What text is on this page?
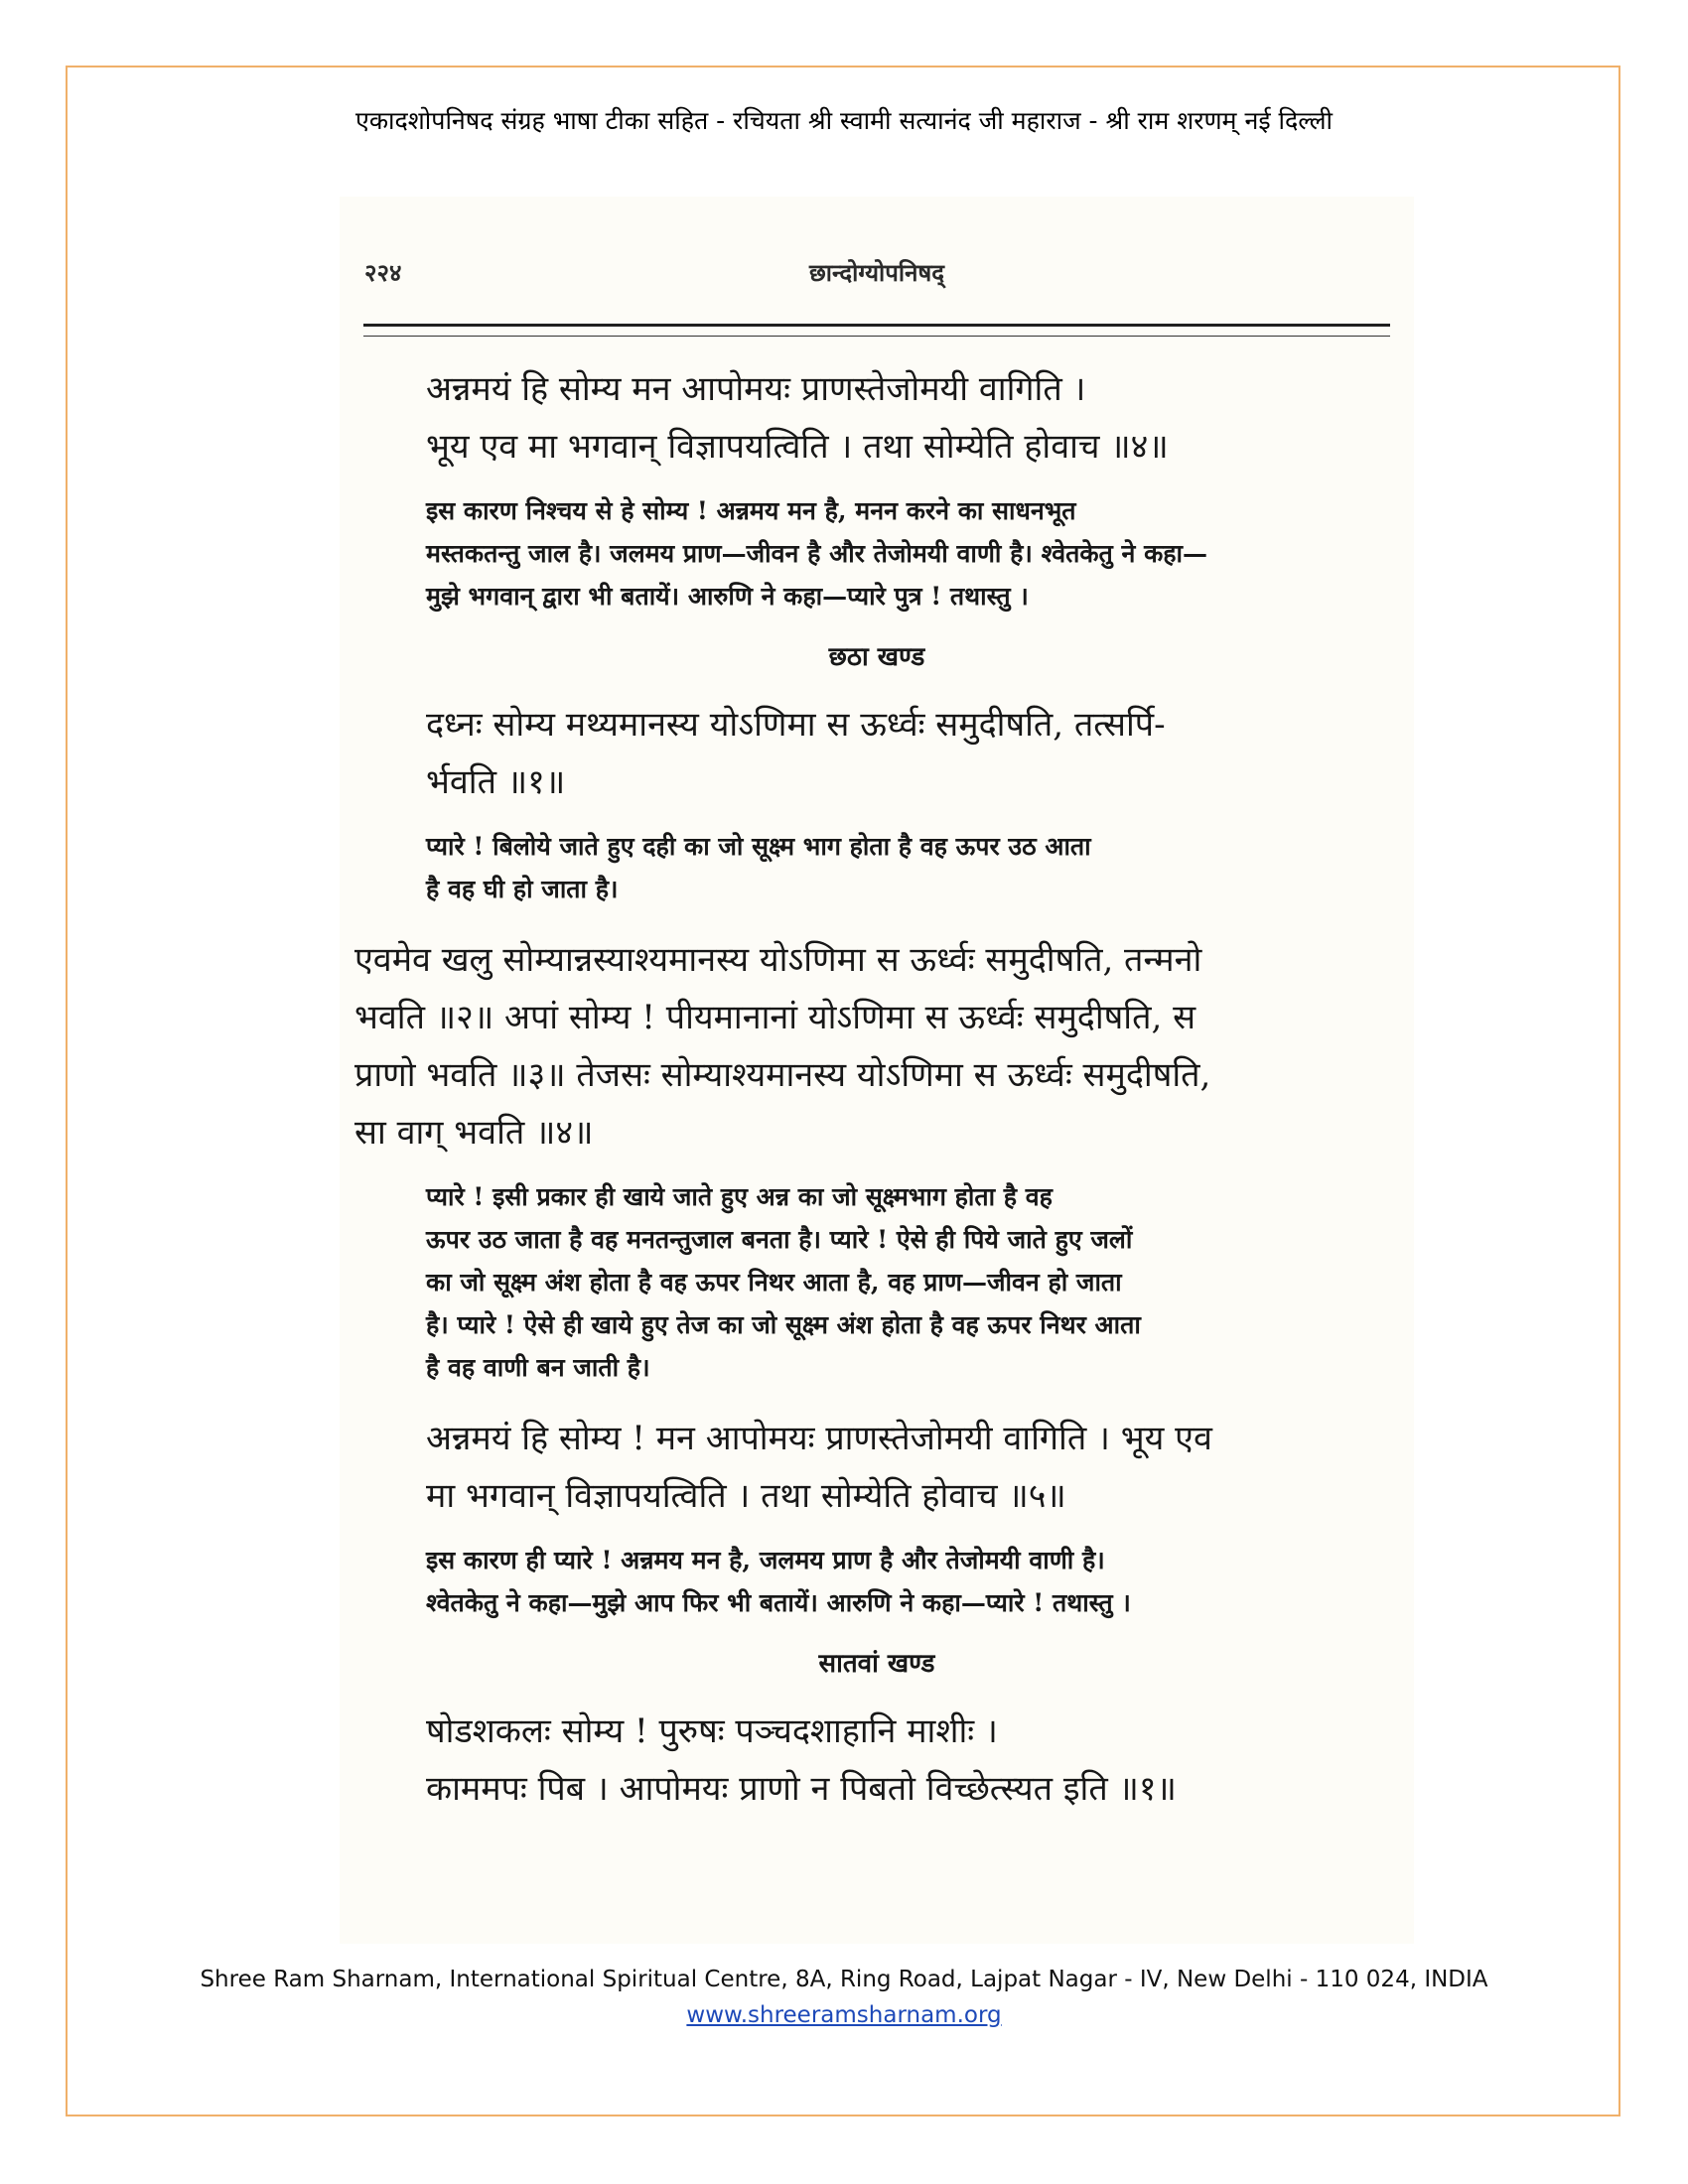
एकादशोपनिषद संग्रह भाषा टीका सहित - रचियता श्री स्वामी सत्यानंद जी महाराज - श्री राम शरणम् नई दिल्ली
२२४	छान्दोग्योपनिषद्
अन्नमयं हि सोम्य मन आपोमयः प्राणस्तेजोमयी वागिति ।
भूय एव मा भगवान् विज्ञापयत्विति । तथा सोम्येति होवाच ॥४॥
इस कारण निश्चय से हे सोम्य ! अन्नमय मन है, मनन करने का साधनभूत
मस्तकतन्तु जाल है। जलमय प्राण—जीवन है और तेजोमयी वाणी है। श्वेतकेतु ने कहा—
मुझे भगवान् द्वारा भी बतायें। आरुणि ने कहा—प्यारे पुत्र ! तथास्तु ।
छठा खण्ड
दध्नः सोम्य मथ्यमानस्य योऽणिमा स ऊर्ध्वः समुदीषति, तत्सर्पि-
र्भवति ॥१॥
प्यारे ! बिलोये जाते हुए दही का जो सूक्ष्म भाग होता है वह ऊपर उठ आता
है वह घी हो जाता है।
एवमेव खलु सोम्यान्नस्याश्यमानस्य योऽणिमा स ऊर्ध्वः समुदीषति, तन्मनो
भवति ॥२॥ अपां सोम्य ! पीयमानानां योऽणिमा स ऊर्ध्वः समुदीषति, स
प्राणो भवति ॥३॥ तेजसः सोम्याश्यमानस्य योऽणिमा स ऊर्ध्वः समुदीषति,
सा वाग् भवति ॥४॥
प्यारे ! इसी प्रकार ही खाये जाते हुए अन्न का जो सूक्ष्मभाग होता है वह
ऊपर उठ जाता है वह मनतन्तुजाल बनता है। प्यारे ! ऐसे ही पिये जाते हुए जलों
का जो सूक्ष्म अंश होता है वह ऊपर निथर आता है, वह प्राण—जीवन हो जाता
है। प्यारे ! ऐसे ही खाये हुए तेज का जो सूक्ष्म अंश होता है वह ऊपर निथर आता
है वह वाणी बन जाती है।
अन्नमयं हि सोम्य ! मन आपोमयः प्राणस्तेजोमयी वागिति । भूय एव
मा भगवान् विज्ञापयत्विति । तथा सोम्येति होवाच ॥५॥
इस कारण ही प्यारे ! अन्नमय मन है, जलमय प्राण है और तेजोमयी वाणी है।
श्वेतकेतु ने कहा—मुझे आप फिर भी बतायें। आरुणि ने कहा—प्यारे ! तथास्तु ।
सातवां खण्ड
षोडशकलः सोम्य ! पुरुषः पञ्चदशाहानि माशीः ।
काममपः पिब । आपोमयः प्राणो न पिबतो विच्छेत्स्यत इति ॥१॥
Shree Ram Sharnam, International Spiritual Centre, 8A, Ring Road, Lajpat Nagar - IV, New Delhi - 110 024, INDIA
www.shreeramsharnam.org
